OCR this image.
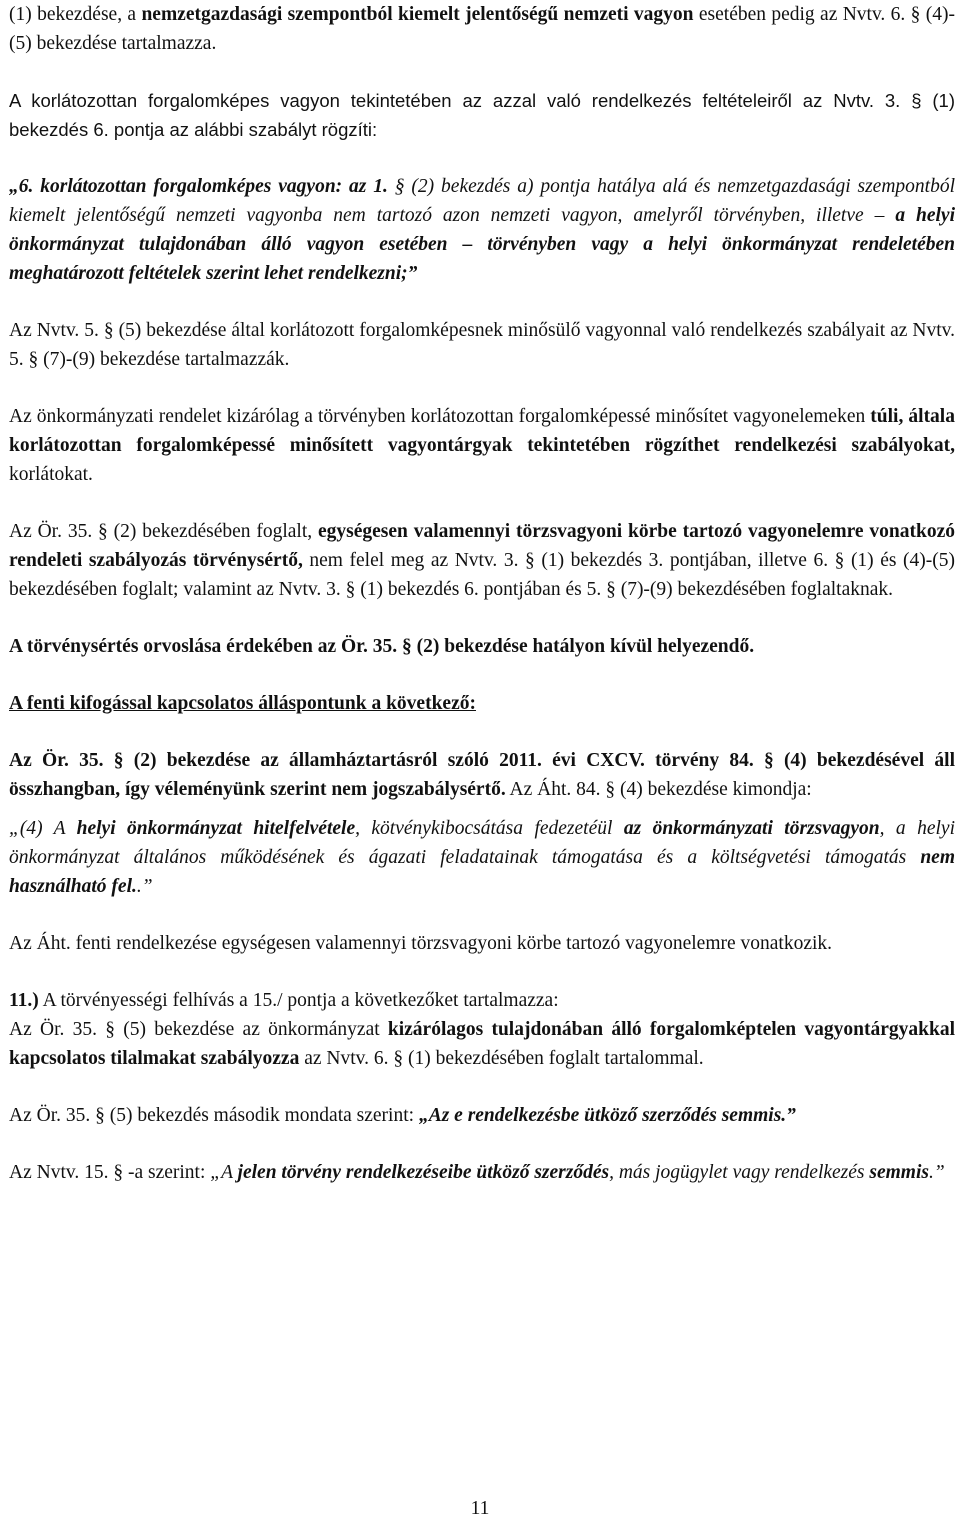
(1) bekezdése, a nemzetgazdasági szempontból kiemelt jelentőségű nemzeti vagyon esetében pedig az Nvtv. 6. § (4)-(5) bekezdése tartalmazza.

A korlátozottan forgalomképes vagyon tekintetében az azzal való rendelkezés feltételeiről az Nvtv. 3. § (1) bekezdés 6. pontja az alábbi szabályt rögzíti:

„6. korlátozottan forgalomképes vagyon: az 1. § (2) bekezdés a) pontja hatálya alá és nemzetgazdasági szempontból kiemelt jelentőségű nemzeti vagyonba nem tartozó azon nemzeti vagyon, amelyről törvényben, illetve – a helyi önkormányzat tulajdonában álló vagyon esetében – törvényben vagy a helyi önkormányzat rendeletében meghatározott feltételek szerint lehet rendelkezni;”

Az Nvtv. 5. § (5) bekezdése által korlátozott forgalomképesnek minősülő vagyonnal való rendelkezés szabályait az Nvtv. 5. § (7)-(9) bekezdése tartalmazzák.

Az önkormányzati rendelet kizárólag a törvényben korlátozottan forgalomképessé minősítet vagyonelemeken túli, általa korlátozottan forgalomképessé minősített vagyontárgyak tekintetében rögzíthet rendelkezési szabályokat, korlátokat.

Az Ör. 35. § (2) bekezdésében foglalt, egységesen valamennyi törzsvagyoni körbe tartozó vagyonelemre vonatkozó rendeleti szabályozás törvénysértő, nem felel meg az Nvtv. 3. § (1) bekezdés 3. pontjában, illetve 6. § (1) és (4)-(5) bekezdésében foglalt; valamint az Nvtv. 3. § (1) bekezdés 6. pontjában és 5. § (7)-(9) bekezdésében foglaltaknak.

A törvénysértés orvoslása érdekében az Ör. 35. § (2) bekezdése hatályon kívül helyezendő.

A fenti kifogással kapcsolatos álláspontunk a következő:

Az Ör. 35. § (2) bekezdése az államháztartásról szóló 2011. évi CXCV. törvény 84. § (4) bekezdésével áll összhangban, így véleményünk szerint nem jogszabálysértő. Az Áht. 84. § (4) bekezdése kimondja:

„(4) A helyi önkormányzat hitelfelvétele, kötvénykibocsátása fedezetéül az önkormányzati törzsvagyon, a helyi önkormányzat általános működésének és ágazati feladatainak támogatása és a költségvetési támogatás nem használható fel..”

Az Áht. fenti rendelkezése egységesen valamennyi törzsvagyoni körbe tartozó vagyonelemre vonatkozik.

11.) A törvényességi felhívás a 15./ pontja a következőket tartalmazza:

Az Ör. 35. § (5) bekezdése az önkormányzat kizárólagos tulajdonában álló forgalomképtelen vagyontárgyakkal kapcsolatos tilalmakat szabályozza az Nvtv. 6. § (1) bekezdésében foglalt tartalommal.

Az Ör. 35. § (5) bekezdés második mondata szerint: „Az e rendelkezésbe ütköző szerződés semmis.”

Az Nvtv. 15. § -a szerint: „A jelen törvény rendelkezéseibe ütköző szerződés, más jogügylet vagy rendelkezés semmis.”

11
